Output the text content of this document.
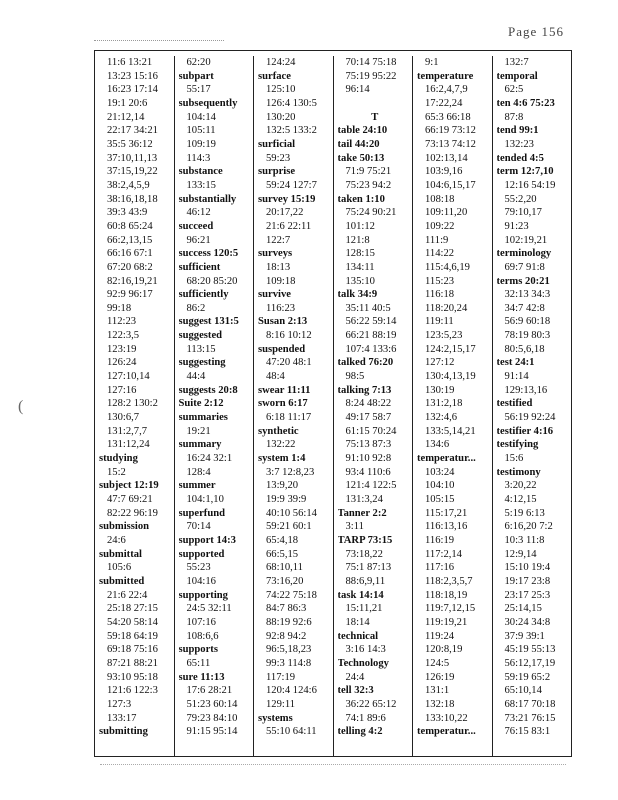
Page 156
(
11:6 13:21
13:23 15:16
16:23 17:14
19:1 20:6
21:12,14
22:17 34:21
35:5 36:12
37:10,11,13
37:15,19,22
38:2,4,5,9
38:16,18,18
39:3 43:9
60:8 65:24
66:2,13,15
66:16 67:1
67:20 68:2
82:16,19,21
92:9 96:17
99:18
112:23
122:3,5
123:19
126:24
127:10,14
127:16
128:2 130:2
130:6,7
131:2,7,7
131:12,24
studying
15:2
subject 12:19
47:7 69:21
82:22 96:19
submission
24:6
submittal
105:6
submitted
21:6 22:4
25:18 27:15
54:20 58:14
59:18 64:19
69:18 75:16
87:21 88:21
93:10 95:18
121:6 122:3
127:3
133:17
submitting
62:20
subpart
55:17
subsequently
104:14
105:11
109:19
114:3
substance
133:15
substantially
46:12
succeed
96:21
success 120:5
sufficient
68:20 85:20
sufficiently
86:2
suggest 131:5
suggested
113:15
suggesting
44:4
suggests 20:8
Suite 2:12
summaries
19:21
summary
16:24 32:1
128:4
summer
104:1,10
superfund
70:14
support 14:3
supported
55:23
104:16
supporting
24:5 32:11
107:16
108:6,6
supports
65:11
sure 11:13
17:6 28:21
51:23 60:14
79:23 84:10
91:15 95:14
124:24
surface
125:10
126:4 130:5
130:20
132:5 133:2
surficial
59:23
surprise
59:24 127:7
survey 15:19
20:17,22
21:6 22:11
122:7
surveys
18:13
109:18
survive
116:23
Susan 2:13
8:16 10:12
suspended
47:20 48:1
48:4
swear 11:11
sworn 6:17
6:18 11:17
synthetic
132:22
system 1:4
3:7 12:8,23
13:9,20
19:9 39:9
40:10 56:14
59:21 60:1
65:4,18
66:5,15
68:10,11
73:16,20
74:22 75:18
84:7 86:3
88:19 92:6
92:8 94:2
96:5,18,23
99:3 114:8
117:19
120:4 124:6
129:11
systems
55:10 64:11
70:14 75:18
75:19 95:22
96:14

T
table 24:10
tail 44:20
take 50:13
71:9 75:21
75:23 94:2
taken 1:10
75:24 90:21
101:12
121:8
128:15
134:11
135:10
talk 34:9
35:11 40:5
56:22 59:14
66:21 88:19
107:4 133:6
talked 76:20
98:5
talking 7:13
8:24 48:22
49:17 58:7
61:15 70:24
75:13 87:3
91:10 92:8
93:4 110:6
121:4 122:5
131:3,24
Tanner 2:2
3:11
TARP 73:15
73:18,22
75:1 87:13
88:6,9,11
task 14:14
15:11,21
18:14
technical
3:16 14:3
Technology
24:4
tell 32:3
36:22 65:12
74:1 89:6
telling 4:2
9:1
temperature
16:2,4,7,9
17:22,24
65:3 66:18
66:19 73:12
73:13 74:12
102:13,14
103:9,16
104:6,15,17
108:18
109:11,20
109:22
111:9
114:22
115:4,6,19
115:23
116:18
118:20,24
119:11
123:5,23
124:2,15,17
127:12
130:4,13,19
130:19
131:2,18
132:4,6
133:5,14,21
134:6
temperatur...
103:24
104:10
105:15
115:17,21
116:13,16
116:19
117:2,14
117:16
118:2,3,5,7
118:18,19
119:7,12,15
119:19,21
119:24
120:8,19
124:5
126:19
131:1
132:18
133:10,22
temperatur...
132:7
temporal
62:5
ten 4:6 75:23
87:8
tend 99:1
132:23
tended 4:5
term 12:7,10
12:16 54:19
55:2,20
79:10,17
91:23
102:19,21
terminology
69:7 91:8
terms 20:21
32:13 34:3
34:7 42:8
56:9 60:18
78:19 80:3
80:5,6,18
test 24:1
91:14
129:13,16
testified
56:19 92:24
testifier 4:16
testifying
15:6
testimony
3:20,22
4:12,15
5:19 6:13
6:16,20 7:2
10:3 11:8
12:9,14
15:10 19:4
19:17 23:8
23:17 25:3
25:14,15
30:24 34:8
37:9 39:1
45:19 55:13
56:12,17,19
59:19 65:2
65:10,14
68:17 70:18
73:21 76:15
76:15 83:1
